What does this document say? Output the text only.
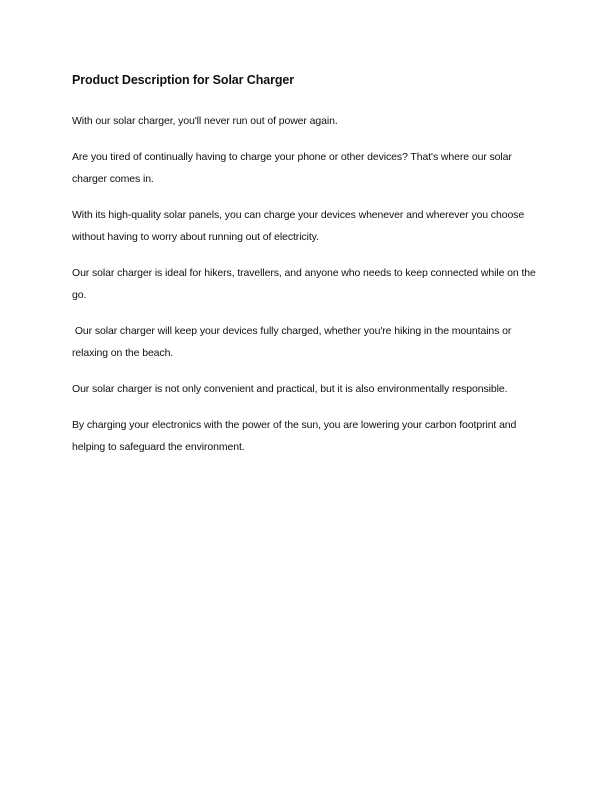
Product Description for Solar Charger

With our solar charger, you'll never run out of power again.

Are you tired of continually having to charge your phone or other devices? That's where our solar charger comes in.

With its high-quality solar panels, you can charge your devices whenever and wherever you choose without having to worry about running out of electricity.

Our solar charger is ideal for hikers, travellers, and anyone who needs to keep connected while on the go.

Our solar charger will keep your devices fully charged, whether you're hiking in the mountains or relaxing on the beach.

Our solar charger is not only convenient and practical, but it is also environmentally responsible.

By charging your electronics with the power of the sun, you are lowering your carbon footprint and helping to safeguard the environment.
